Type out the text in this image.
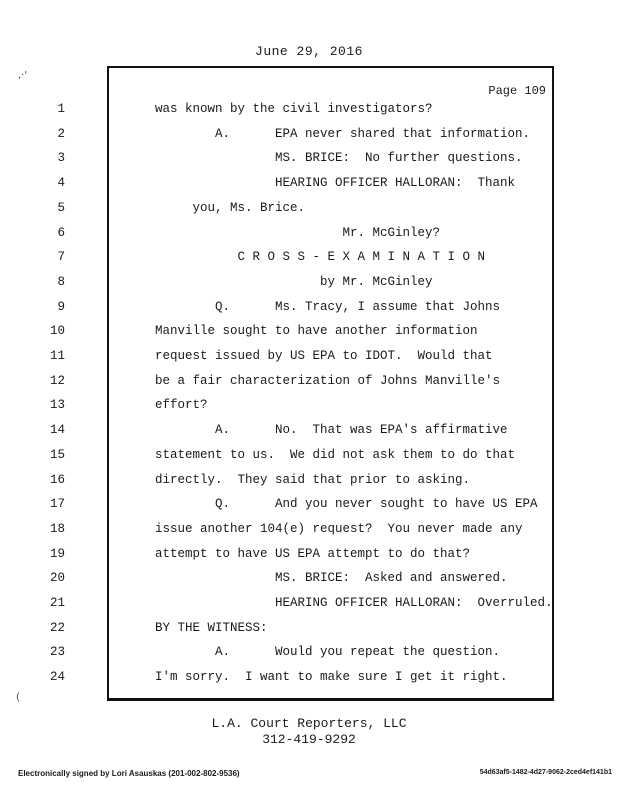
June 29, 2016
,·'
(
Page 109
1	was known by the civil investigators?
2	A.      EPA never shared that information.
3	MS. BRICE:  No further questions.
4	HEARING OFFICER HALLORAN:  Thank
5	you, Ms. Brice.
6	Mr. McGinley?
7	C R O S S - E X A M I N A T I O N
8	by Mr. McGinley
9	Q.      Ms. Tracy, I assume that Johns
10	Manville sought to have another information
11	request issued by US EPA to IDOT.  Would that
12	be a fair characterization of Johns Manville's
13	effort?
14	A.      No.  That was EPA's affirmative
15	statement to us.  We did not ask them to do that
16	directly.  They said that prior to asking.
17	Q.      And you never sought to have US EPA
18	issue another 104(e) request?  You never made any
19	attempt to have US EPA attempt to do that?
20	MS. BRICE:  Asked and answered.
21	HEARING OFFICER HALLORAN:  Overruled.
22	BY THE WITNESS:
23	A.      Would you repeat the question.
24	I'm sorry.  I want to make sure I get it right.
L.A. Court Reporters, LLC
312-419-9292
Electronically signed by Lori Asauskas (201-002-802-9536)	54d63af5-1482-4d27-9062-2ced4ef141b1
